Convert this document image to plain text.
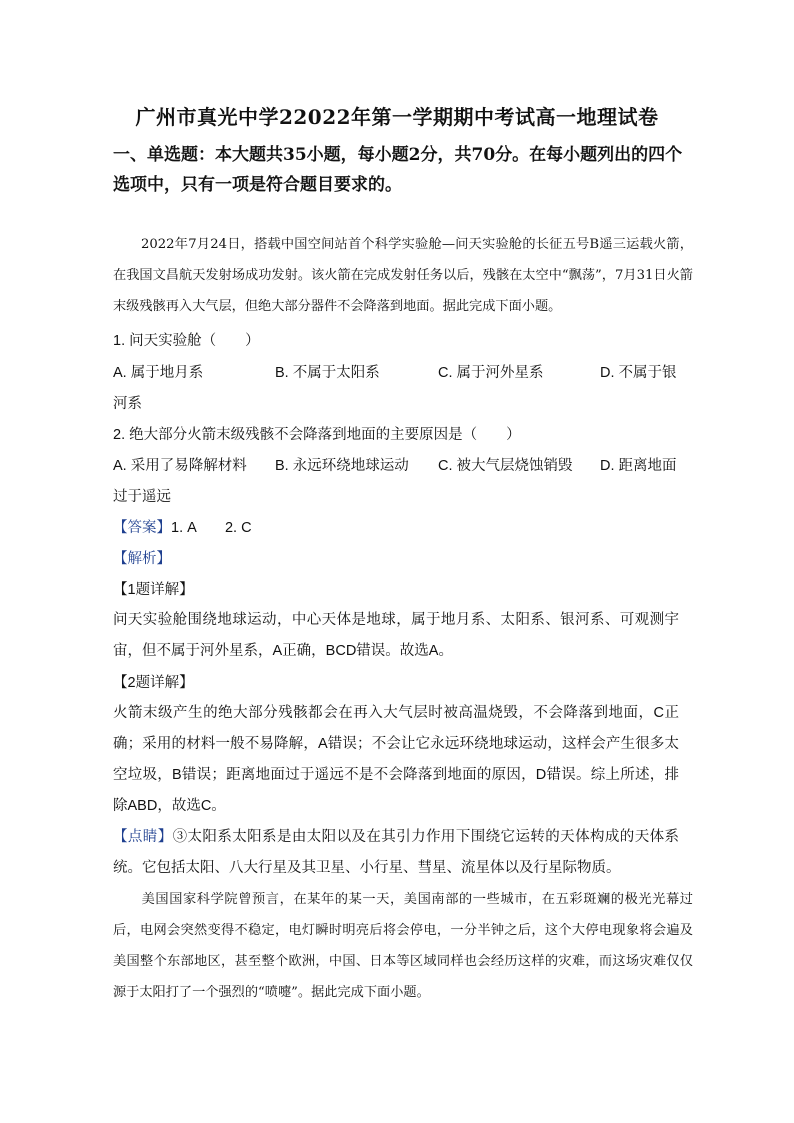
广州市真光中学22022年第一学期期中考试高一地理试卷
一、单选题：本大题共35小题，每小题2分，共70分。在每小题列出的四个选项中，只有一项是符合题目要求的。
2022年7月24日，搭载中国空间站首个科学实验舱—问天实验舱的长征五号B遥三运载火箭，在我国文昌航天发射场成功发射。该火箭在完成发射任务以后，残骸在太空中“飘荡”，7月31日火箭末级残骸再入大气层，但绝大部分器件不会降落到地面。据此完成下面小题。
1. 问天实验舱（　　）
A. 属于地月系	B. 不属于太阳系	C. 属于河外星系	D. 不属于银
河系
2. 绝大部分火箭末级残骸不会降落到地面的主要原因是（　　）
A. 采用了易降解材料 B. 永远环绕地球运动 C. 被大气层烧蚀销毁 D. 距离地面
过于遥远
【答案】1. A　　2. C
【解析】
【1题详解】
问天实验舱围绕地球运动，中心天体是地球，属于地月系、太阳系、银河系、可观测宇宙，但不属于河外星系，A正确，BCD错误。故选A。
【2题详解】
火箭末级产生的绝大部分残骸都会在再入大气层时被高温烧毁，不会降落到地面，C正确；采用的材料一般不易降解，A错误；不会让它永远环绕地球运动，这样会产生很多太空垃圾，B错误；距离地面过于遥远不是不会降落到地面的原因，D错误。综上所述，排除ABD，故选C。
【点睛】③太阳系太阳系是由太阳以及在其引力作用下围绕它运转的天体构成的天体系统。它包括太阳、八大行星及其卫星、小行星、彗星、流星体以及行星际物质。
美国国家科学院曾预言，在某年的某一天，美国南部的一些城市，在五彩斑斓的极光光幕过后，电网会突然变得不稳定，电灯瞬时明亮后将会停电，一分半钟之后，这个大停电现象将会遍及美国整个东部地区，甚至整个欧洲，中国、日本等区域同样也会经历这样的灾难，而这场灾难仅仅源于太阳打了一个强烈的“喷嚏”。据此完成下面小题。
